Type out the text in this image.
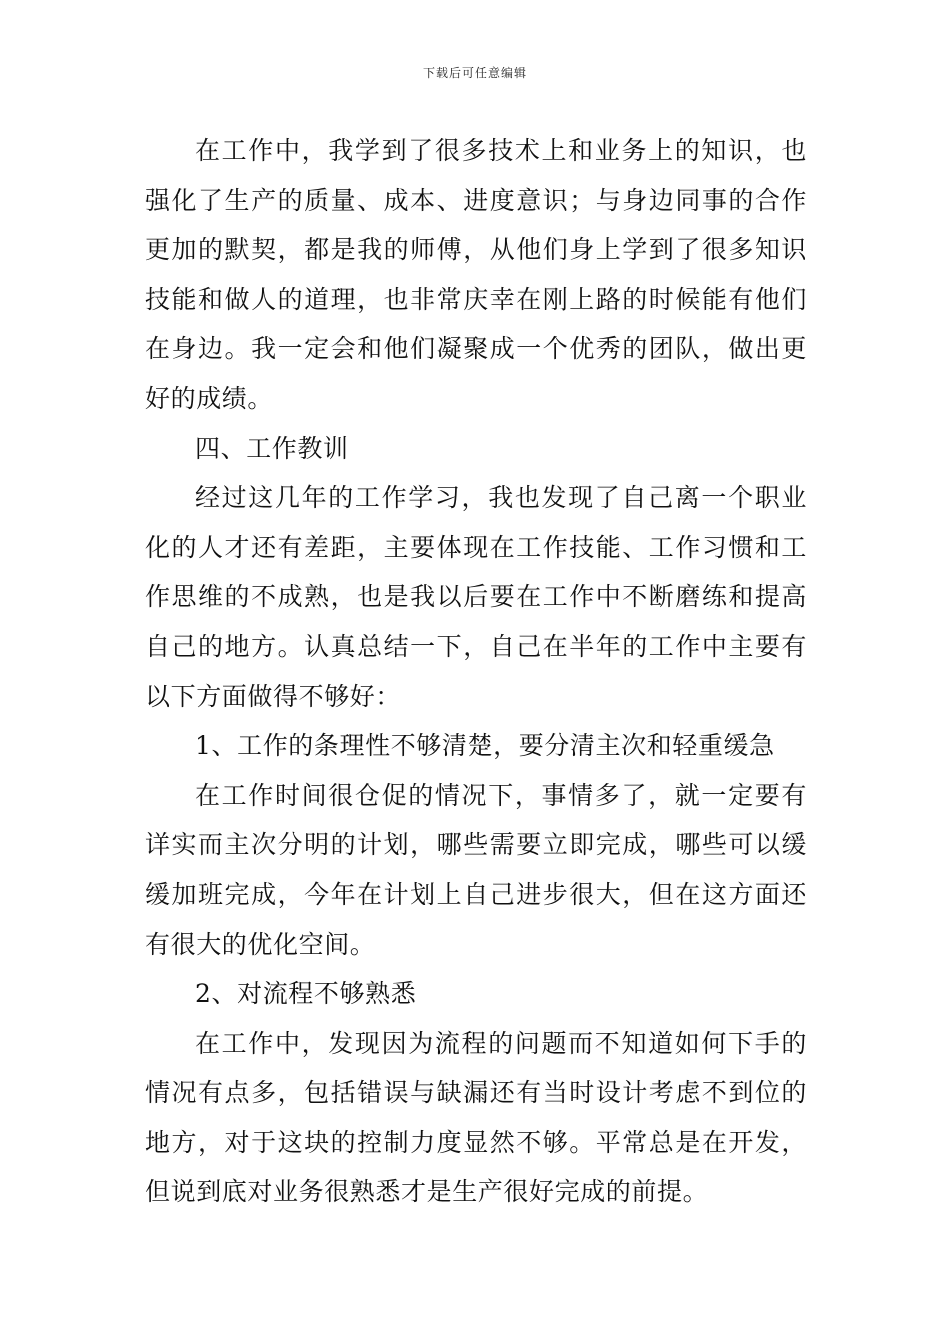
下载后可任意编辑

在工作中，我学到了很多技术上和业务上的知识，也强化了生产的质量、成本、进度意识；与身边同事的合作更加的默契，都是我的师傅，从他们身上学到了很多知识技能和做人的道理，也非常庆幸在刚上路的时候能有他们在身边。我一定会和他们凝聚成一个优秀的团队，做出更好的成绩。

四、工作教训

经过这几年的工作学习，我也发现了自己离一个职业化的人才还有差距，主要体现在工作技能、工作习惯和工作思维的不成熟，也是我以后要在工作中不断磨练和提高自己的地方。认真总结一下，自己在半年的工作中主要有以下方面做得不够好：

1、工作的条理性不够清楚，要分清主次和轻重缓急

在工作时间很仓促的情况下，事情多了，就一定要有详实而主次分明的计划，哪些需要立即完成，哪些可以缓缓加班完成，今年在计划上自己进步很大，但在这方面还有很大的优化空间。

2、对流程不够熟悉

在工作中，发现因为流程的问题而不知道如何下手的情况有点多，包括错误与缺漏还有当时设计考虑不到位的地方，对于这块的控制力度显然不够。平常总是在开发，但说到底对业务很熟悉才是生产很好完成的前提。
